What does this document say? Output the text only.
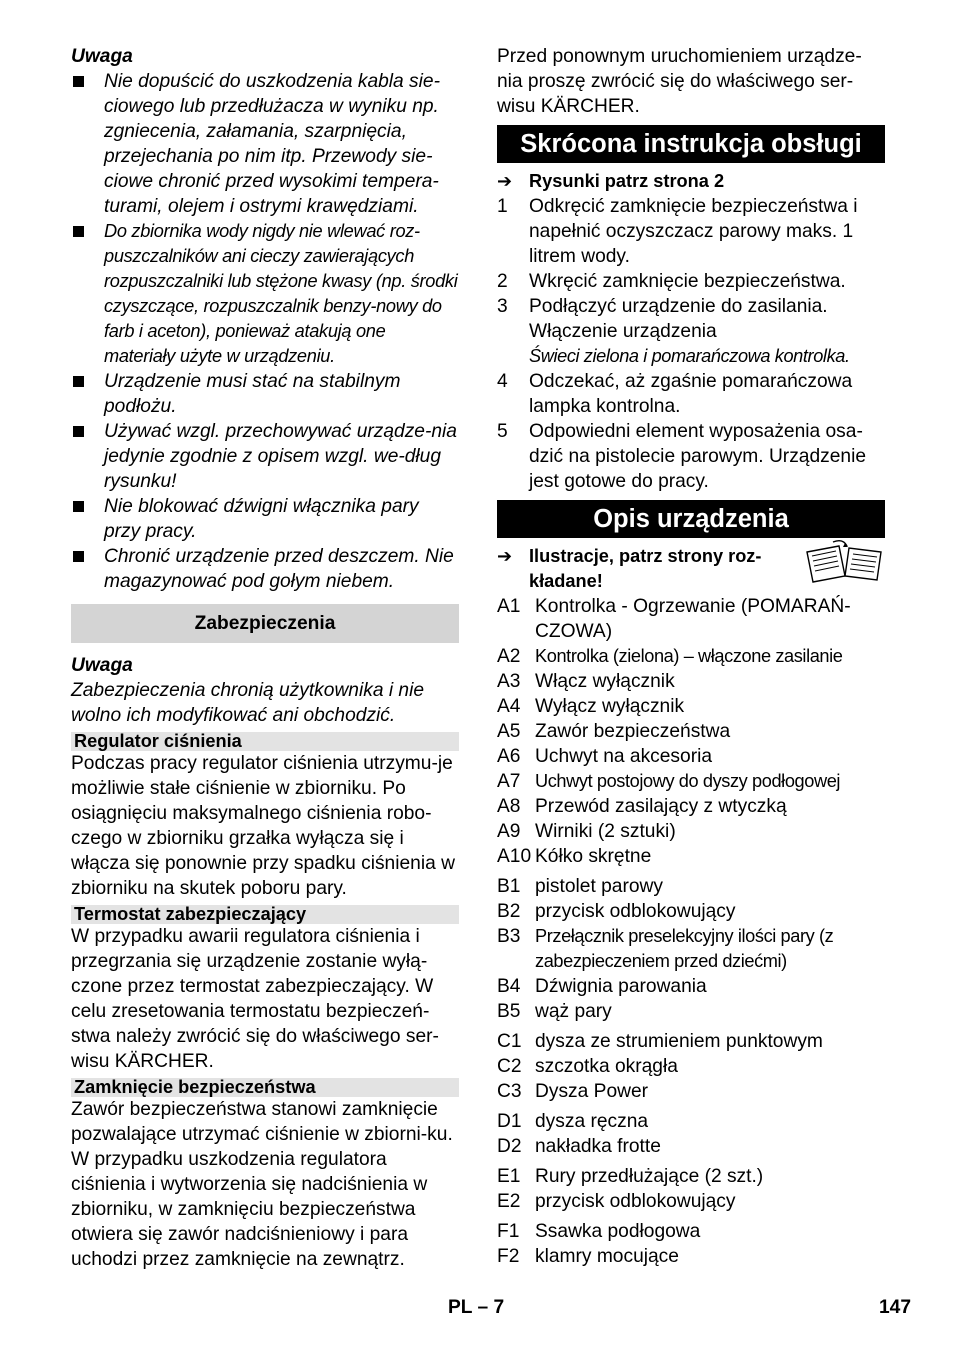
Uwaga

Nie dopuścić do uszkodzenia kabla sie-ciowego lub przedłużacza w wyniku np. zgniecenia, załamania, szarpnięcia, przejechania po nim itp. Przewody sie-ciowe chronić przed wysokimi tempera-turami, olejem i ostrymi krawędziami.
Do zbiornika wody nigdy nie wlewać roz-puszczalników ani cieczy zawierających rozpuszczalniki lub stężone kwasy (np. środki czyszczące, rozpuszczalnik benzy-nowy do farb i aceton), ponieważ atakują one materiały użyte w urządzeniu.
Urządzenie musi stać na stabilnym podłożu.
Używać wzgl. przechowywać urządze-nia jedynie zgodnie z opisem wzgl. we-dług rysunku!
Nie blokować dźwigni włącznika pary przy pracy.
Chronić urządzenie przed deszczem. Nie magazynować pod gołym niebem.
Zabezpieczenia

Uwaga

Zabezpieczenia chronią użytkownika i nie wolno ich modyfikować ani obchodzić.

Regulator ciśnienia

Podczas pracy regulator ciśnienia utrzymu-je możliwie stałe ciśnienie w zbiorniku. Po osiągnięciu maksymalnego ciśnienia robo-czego w zbiorniku grzałka wyłącza się i włącza się ponownie przy spadku ciśnienia w zbiorniku na skutek poboru pary.

Termostat zabezpieczający

W przypadku awarii regulatora ciśnienia i przegrzania się urządzenie zostanie wyłą-czone przez termostat zabezpieczający. W celu zresetowania termostatu bezpieczeń-stwa należy zwrócić się do właściwego ser-wisu KÄRCHER.

Zamknięcie bezpieczeństwa

Zawór bezpieczeństwa stanowi zamknięcie pozwalające utrzymać ciśnienie w zbiorni-ku. W przypadku uszkodzenia regulatora ciśnienia i wytworzenia się nadciśnienia w zbiorniku, w zamknięciu bezpieczeństwa otwiera się zawór nadciśnieniowy i para uchodzi przez zamknięcie na zewnątrz.

Przed ponownym uruchomieniem urządze-nia proszę zwrócić się do właściwego ser-wisu KÄRCHER.

Skrócona instrukcja obsługi
➔ Rysunki patrz strona 2
1 Odkręcić zamknięcie bezpieczeństwa i napełnić oczyszczacz parowy maks. 1 litrem wody.
2 Wkręcić zamknięcie bezpieczeństwa.
3 Podłączyć urządzenie do zasilania. Włączenie urządzenia
Świeci zielona i pomarańczowa kontrolka.
4 Odczekać, aż zgaśnie pomarańczowa lampka kontrolna.
5 Odpowiedni element wyposażenia osa-dzić na pistolecie parowym. Urządzenie jest gotowe do pracy.
Opis urządzenia
➔ Ilustracje, patrz strony roz-kładane!
A1 Kontrolka - Ogrzewanie (POMARAŃ-CZOWA)
A2 Kontrolka (zielona) – włączone zasilanie
A3 Włącz wyłącznik
A4 Wyłącz wyłącznik
A5 Zawór bezpieczeństwa
A6 Uchwyt na akcesoria
A7 Uchwyt postojowy do dyszy podłogowej
A8 Przewód zasilający z wtyczką
A9 Wirniki (2 sztuki)
A10 Kółko skrętne
B1 pistolet parowy
B2 przycisk odblokowujący
B3 Przełącznik preselekcyjny ilości pary (z zabezpieczeniem przed dziećmi)
B4 Dźwignia parowania
B5 wąż pary
C1 dysza ze strumieniem punktowym
C2 szczotka okrągła
C3 Dysza Power
D1 dysza ręczna
D2 nakładka frotte
E1 Rury przedłużające (2 szt.)
E2 przycisk odblokowujący
F1 Ssawka podłogowa
F2 klamry mocujące
PL – 7	147
